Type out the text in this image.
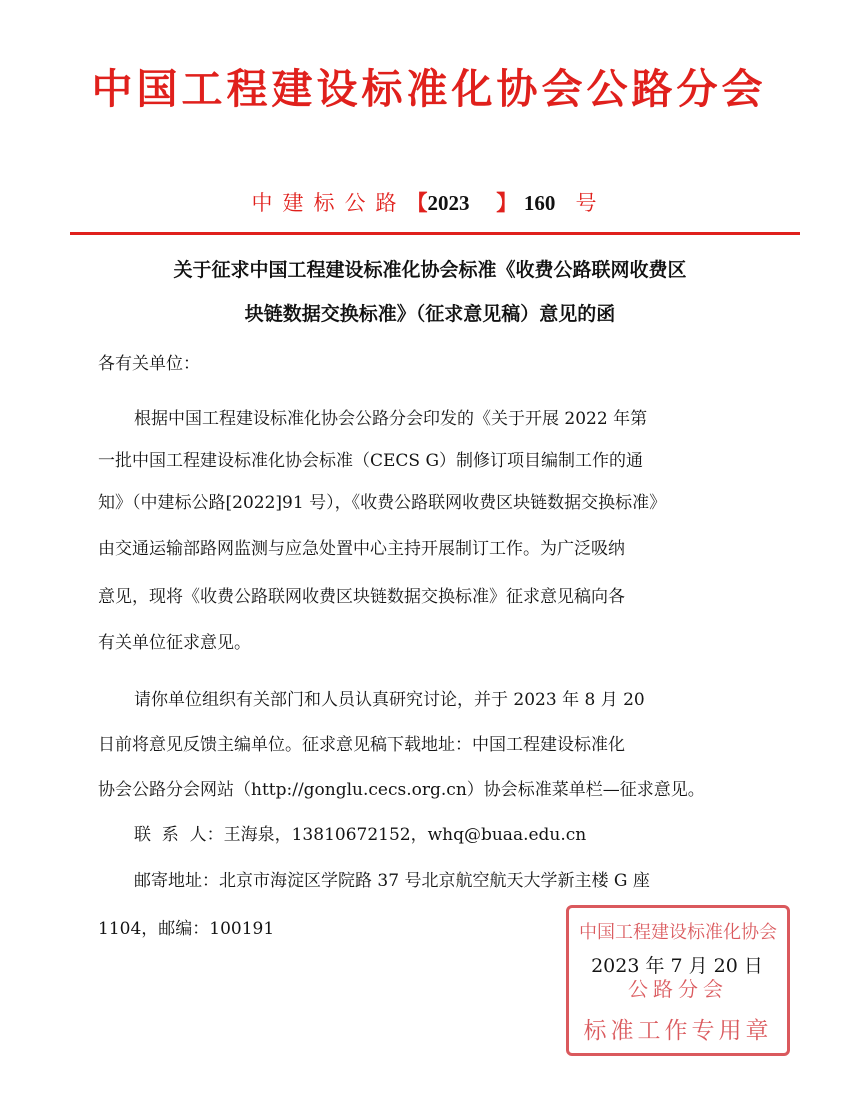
中国工程建设标准化协会公路分会
中建标公路【2023 】 160 号
关于征求中国工程建设标准化协会标准《收费公路联网收费区
块链数据交换标准》（征求意见稿）意见的函
各有关单位：
根据中国工程建设标准化协会公路分会印发的《关于开展 2022 年第
一批中国工程建设标准化协会标准（CECS G）制修订项目编制工作的通
知》（中建标公路[2022]91 号），《收费公路联网收费区块链数据交换标准》
由交通运输部路网监测与应急处置中心主持开展制订工作。为广泛吸纳
意见，现将《收费公路联网收费区块链数据交换标准》征求意见稿向各
有关单位征求意见。
请你单位组织有关部门和人员认真研究讨论，并于 2023 年 8 月 20
日前将意见反馈主编单位。征求意见稿下载地址：中国工程建设标准化
协会公路分会网站（http://gonglu.cecs.org.cn）协会标准菜单栏—征求意见。
联  系  人：王海泉，13810672152，whq@buaa.edu.cn
邮寄地址：北京市海淀区学院路 37 号北京航空航天大学新主楼 G 座
1104，邮编：100191	中国工程建设标准化协会
公路分会
标准工作专用章
2023 年 7 月 20 日
